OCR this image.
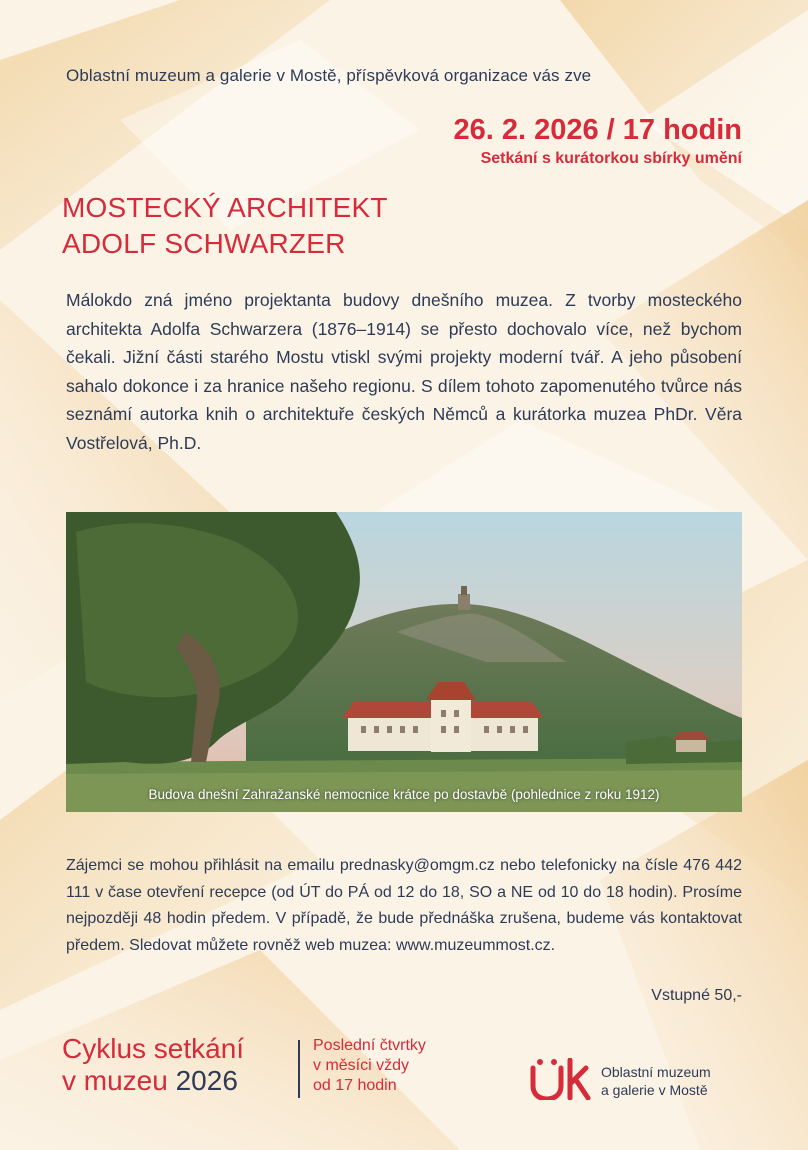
Oblastní muzeum a galerie v Mostě, příspěvková organizace vás zve
26. 2. 2026 / 17 hodin
Setkání s kurátorkou sbírky umění
MOSTECKÝ ARCHITEKT
ADOLF SCHWARZER

Málokdo zná jméno projektanta budovy dnešního muzea. Z tvorby mosteckého architekta Adolfa Schwarzera (1876–1914) se přesto dochovalo více, než bychom čekali. Jižní části starého Mostu vtiskl svými projekty moderní tvář. A jeho působení sahalo dokonce i za hranice našeho regionu. S dílem tohoto zapomenutého tvůrce nás seznámí autorka knih o architektuře českých Němců a kurátorka muzea PhDr. Věra Vostřelová, Ph.D.

Budova dnešní Zahražanské nemocnice krátce po dostavbě (pohlednice z roku 1912)

Zájemci se mohou přihlásit na emailu prednasky@omgm.cz nebo telefonicky na čísle 476 442 111 v čase otevření recepce (od ÚT do PÁ od 12 do 18, SO a NE od 10 do 18 hodin). Prosíme nejpozději 48 hodin předem. V případě, že bude přednáška zrušena, budeme vás kontaktovat předem. Sledovat můžete rovněž web muzea: www.muzeummost.cz.

Vstupné 50,-
Cyklus setkání
v muzeu 2026
Poslední čtvrtky
v měsíci vždy
od 17 hodin
Oblastní muzeum
a galerie v Mostě
